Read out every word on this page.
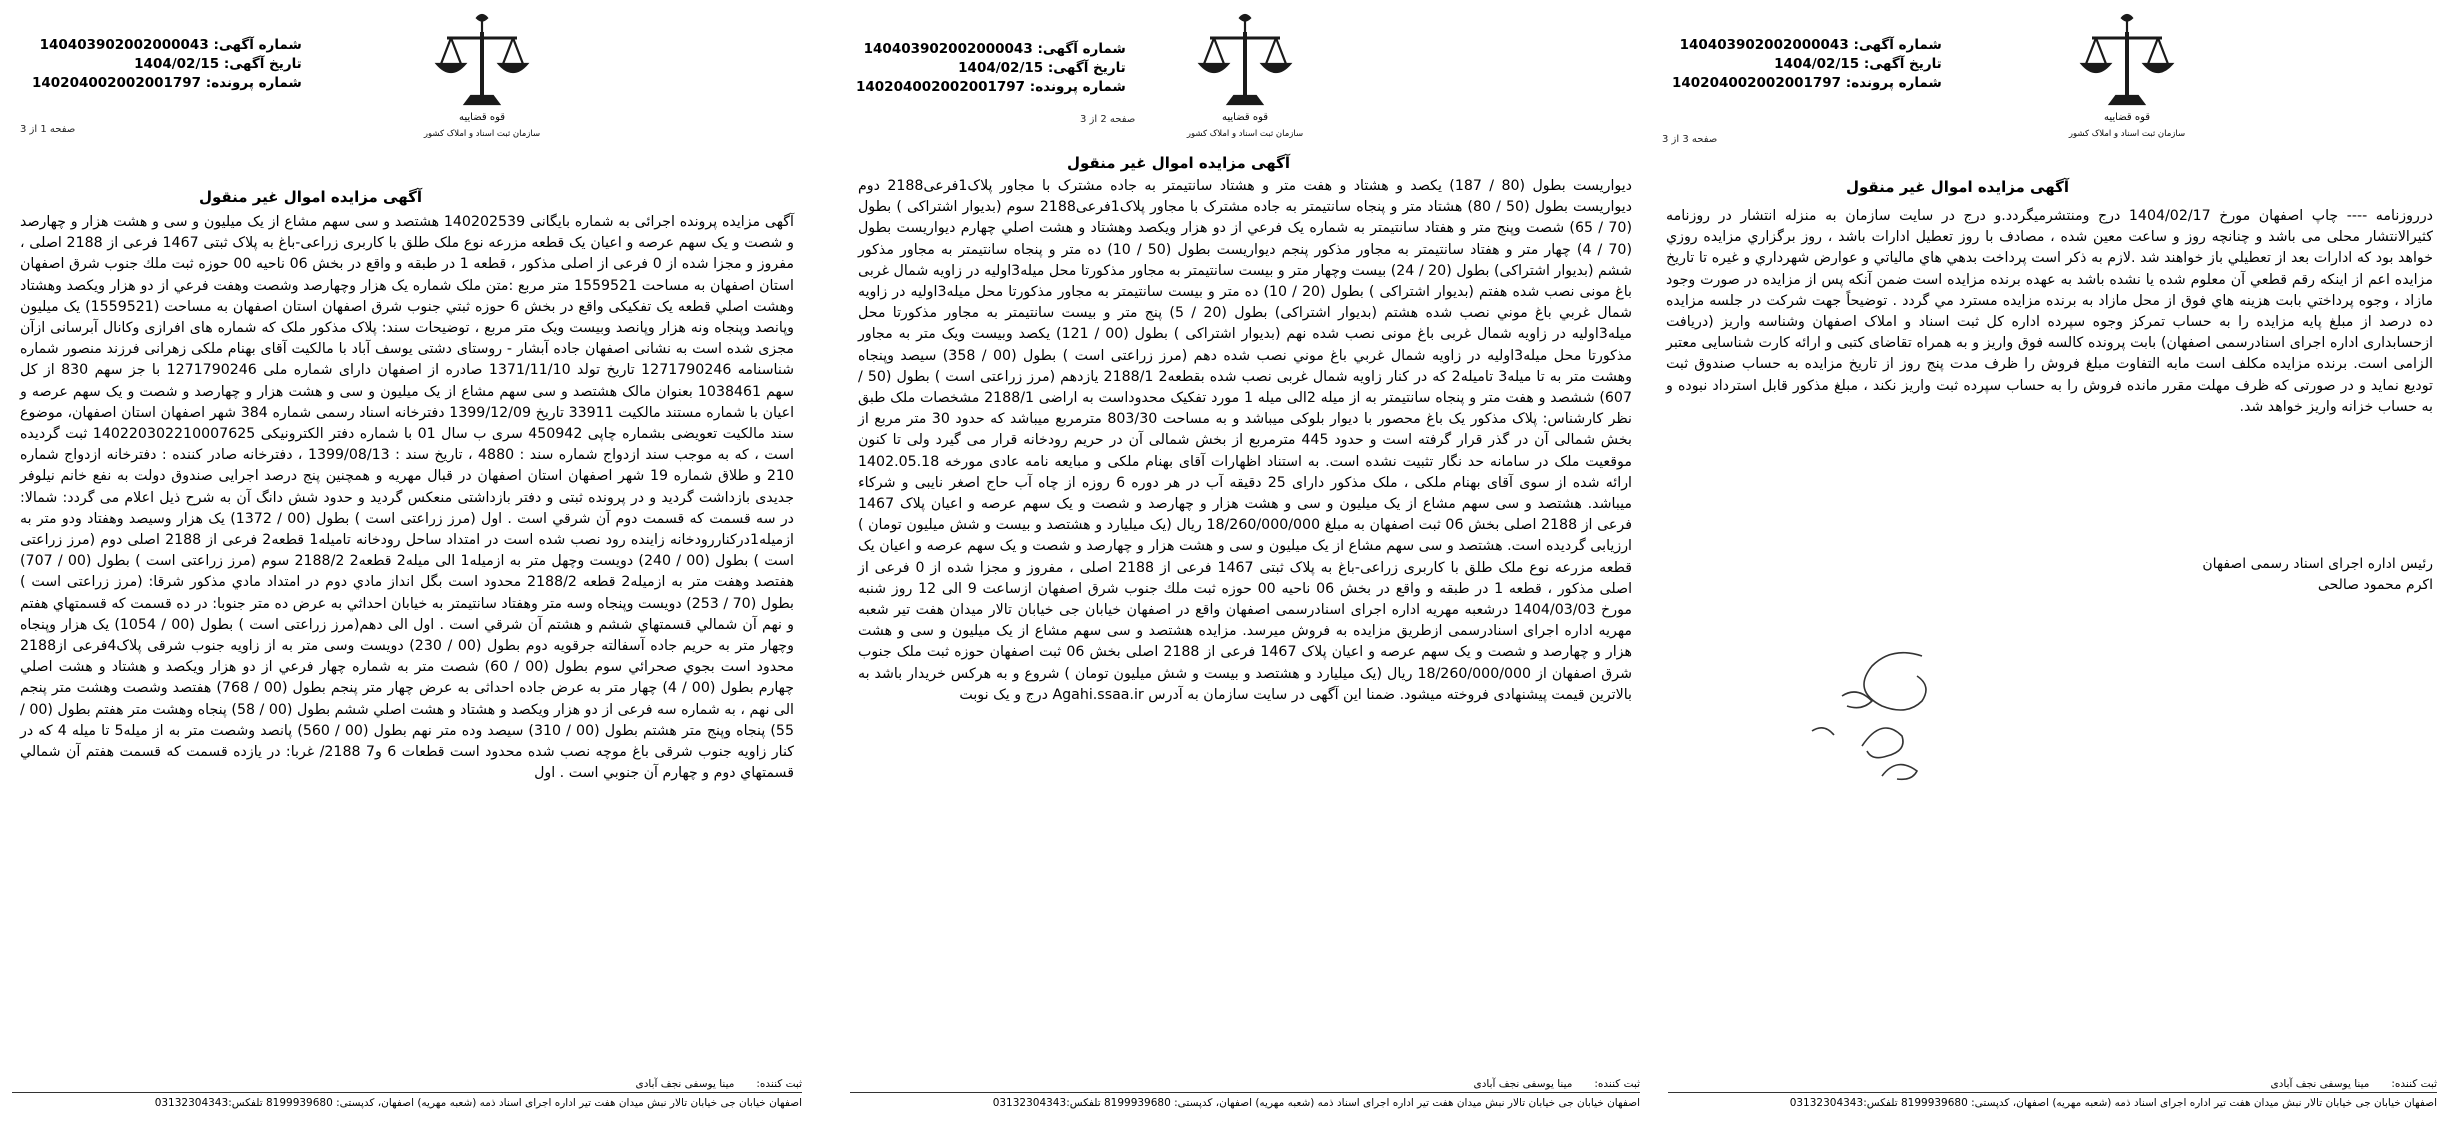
قوه قضاییه
سازمان ثبت اسناد و املاک کشور
شماره آگهی: 140403902002000043
تاریخ آگهی: 1404/02/15
شماره پرونده: 140204002002001797
صفحه 3 از 3
آگهی مزایده اموال غیر منقول
درروزنامه ---- چاپ اصفهان مورخ 1404/02/17 درج ومنتشرمیگردد.و درج در سایت سازمان به منزله انتشار در روزنامه کثیرالانتشار محلی می باشد و چنانچه روز و ساعت معین شده ، مصادف با روز تعطیل ادارات باشد ، روز برگزاري مزايده روزي خواهد بود كه ادارات بعد از تعطیلي باز خواهند شد .لازم به ذكر است پرداخت بدهي هاي مالیاتي و عوارض شهرداري و غیره تا تاريخ مزايده اعم از اينكه رقم قطعي آن معلوم شده يا نشده باشد به عهده برنده مزايده است ضمن آنكه پس از مزايده در صورت وجود مازاد ، وجوه پرداختي بابت هزينه هاي فوق از محل مازاد به برنده مزايده مسترد مي گردد . توضیحاً جهت شرکت در جلسه مزایده ده درصد از مبلغ پایه مزایده را به حساب تمرکز وجوه سپرده اداره کل ثبت اسناد و املاک اصفهان وشناسه واریز (دریافت ازحسابداری اداره اجرای اسنادرسمی اصفهان) بابت پرونده کالسه فوق واریز و به همراه تقاضای کتبی و ارائه کارت شناسایی معتبر الزامی است. برنده مزایده مکلف است مابه التفاوت مبلغ فروش را ظرف مدت پنج روز از تاریخ مزایده به حساب صندوق ثبت تودیع نماید و در صورتی که ظرف مهلت مقرر مانده فروش را به حساب سپرده ثبت واریز نکند ، مبلغ مذکور قابل استرداد نبوده و به حساب خزانه واریز خواهد شد.
رئیس اداره اجرای اسناد رسمی اصفهان
اکرم محمود صالحی
ثبت کننده:مینا یوسفی نجف آبادی
اصفهان خیابان جی خیابان تالار نبش میدان هفت تیر اداره اجرای اسناد ذمه (شعبه مهریه) اصفهان، کدپستی: 8199939680 تلفکس:03132304343
قوه قضاییه
سازمان ثبت اسناد و املاک کشور
شماره آگهی: 140403902002000043
تاریخ آگهی: 1404/02/15
شماره پرونده: 140204002002001797
صفحه 2 از 3
آگهی مزایده اموال غیر منقول
دیواریست بطول (80 / 187) یکصد و هشتاد و هفت متر و هشتاد سانتیمتر به جاده مشترک با مجاور پلاک1فرعی2188 دوم دیواریست بطول (50 / 80) هشتاد متر و پنجاه سانتیمتر به جاده مشترک با مجاور پلاک1فرعی2188 سوم (بدیوار اشتراکی ) بطول (70 / 65) شصت وپنج متر و هفتاد سانتیمتر به شماره یک فرعي از دو هزار ويكصد وهشتاد و هشت اصلي چهارم دیواریست بطول (70 / 4) چهار متر و هفتاد سانتیمتر به مجاور مذکور پنجم دیواریست بطول (50 / 10) ده متر و پنجاه سانتیمتر به مجاور مذکور ششم (بدیوار اشتراکی) بطول (20 / 24) بیست وچهار متر و بیست سانتیمتر به مجاور مذکورتا محل میله3اولیه در زاویه شمال غربی باغ مونی نصب شده هفتم (بدیوار اشتراکی ) بطول (20 / 10) ده متر و بیست سانتیمتر به مجاور مذکورتا محل میله3اولیه در زاویه شمال غربي باغ موني نصب شده هشتم (بدیوار اشتراکی) بطول (20 / 5) پنج متر و بیست سانتیمتر به مجاور مذکورتا محل میله3اولیه در زاویه شمال غربی باغ مونی نصب شده نهم (بدیوار اشتراکی ) بطول (00 / 121) یکصد وبیست ویک متر به مجاور مذکورتا محل میله3اولیه در زاویه شمال غربي باغ موني نصب شده دهم (مرز زراعتی است ) بطول (00 / 358) سیصد وپنجاه وهشت متر به تا میله3 تامیله2 که در کنار زاویه شمال غربی نصب شده بقطعه2 2188/1 یازدهم (مرز زراعتی است ) بطول (50 / 607) ششصد و هفت متر و پنجاه سانتیمتر به از میله 2الی میله 1 مورد تفکیک محدوداست به اراضی 2188/1 مشخصات ملک طبق نظر کارشناس: پلاک مذکور یک باغ محصور با دیوار بلوکی میباشد و به مساحت 803/30 مترمربع میباشد که حدود 30 متر مربع از بخش شمالی آن در گذر قرار گرفته است و حدود 445 مترمربع از بخش شمالی آن در حریم رودخانه قرار می گیرد ولی تا کنون موقعیت ملک در سامانه حد نگار تثبیت نشده است. به استناد اظهارات آقای بهنام ملکی و مبایعه نامه عادی مورخه 1402.05.18 ارائه شده از سوی آقای بهنام ملکی ، ملک مذکور دارای 25 دقیقه آب در هر دوره 6 روزه از چاه آب حاج اصغر نایبی و شرکاء میباشد. هشتصد و سی سهم مشاع از یک میلیون و سی و هشت هزار و چهارصد و شصت و یک سهم عرصه و اعیان پلاک 1467 فرعی از 2188 اصلی بخش 06 ثبت اصفهان به مبلغ 18/260/000/000 ریال (یک میلیارد و هشتصد و بیست و شش میلیون تومان ) ارزیابی گردیده است. هشتصد و سی سهم مشاع از یک میلیون و سی و هشت هزار و چهارصد و شصت و یک سهم عرصه و اعیان یک قطعه مزرعه نوع ملک طلق با کاربری زراعی-باغ به پلاک ثبتی 1467 فرعی از 2188 اصلی ، مفروز و مجزا شده از 0 فرعی از اصلی مذکور ، قطعه 1 در طبقه و واقع در بخش 06 ناحیه 00 حوزه ثبت ملك جنوب شرق اصفهان ازساعت 9 الی 12 روز شنبه مورخ 1404/03/03 درشعبه مهریه اداره اجرای اسنادرسمی اصفهان واقع در اصفهان خیابان جی خیابان تالار میدان هفت تیر شعبه مهریه اداره اجرای اسنادرسمی ازطریق مزایده به فروش میرسد. مزایده هشتصد و سی سهم مشاع از یک میلیون و سی و هشت هزار و چهارصد و شصت و یک سهم عرصه و اعیان پلاک 1467 فرعی از 2188 اصلی بخش 06 ثبت اصفهان حوزه ثبت ملک جنوب شرق اصفهان از 18/260/000/000 ریال (یک میلیارد و هشتصد و بیست و شش میلیون تومان ) شروع و به هرکس خریدار باشد به بالاترین قیمت پیشنهادی فروخته میشود. ضمنا این آگهی در سایت سازمان به آدرس Agahi.ssaa.ir درج و یک نوبت
ثبت کننده:مینا یوسفی نجف آبادی
اصفهان خیابان جی خیابان تالار نبش میدان هفت تیر اداره اجرای اسناد ذمه (شعبه مهریه) اصفهان، کدپستی: 8199939680 تلفکس:03132304343
قوه قضاییه
سازمان ثبت اسناد و املاک کشور
شماره آگهی: 140403902002000043
تاریخ آگهی: 1404/02/15
شماره پرونده: 140204002002001797
صفحه 1 از 3
آگهی مزایده اموال غیر منقول
آگهی مزایده پرونده اجرائی به شماره بایگانی 140202539 هشتصد و سی سهم مشاع از یک میلیون و سی و هشت هزار و چهارصد و شصت و یک سهم عرصه و اعیان یک قطعه مزرعه نوع ملک طلق با کاربری زراعی-باغ به پلاک ثبتی 1467 فرعی از 2188 اصلی ، مفروز و مجزا شده از 0 فرعی از اصلی مذکور ، قطعه 1 در طبقه و واقع در بخش 06 ناحیه 00 حوزه ثبت ملك جنوب شرق اصفهان استان اصفهان به مساحت 1559521 متر مربع :متن ملک شماره یک هزار وچهارصد وشصت وهفت فرعي از دو هزار ويكصد وهشتاد وهشت اصلي قطعه یک تفکیکی واقع در بخش 6 حوزه ثبتي جنوب شرق اصفهان استان اصفهان به مساحت (1559521) یک میلیون وپانصد وپنجاه ونه هزار وپانصد وبیست ویک متر مربع ، توضیحات سند: پلاک مذکور ملک که شماره های افرازی وکانال آبرسانی ازآن مجزی شده است به نشانی اصفهان جاده آبشار - روستای دشتی یوسف آباد با مالکیت آقای بهنام ملکی زهرانی فرزند منصور شماره شناسنامه 1271790246 تاریخ تولد 1371/11/10 صادره از اصفهان دارای شماره ملی 1271790246 با جز سهم 830 از کل سهم 1038461 بعنوان مالک هشتصد و سی سهم مشاع از یک میلیون و سی و هشت هزار و چهارصد و شصت و یک سهم عرصه و اعیان با شماره مستند مالکیت 33911 تاریخ 1399/12/09 دفترخانه اسناد رسمی شماره 384 شهر اصفهان استان اصفهان، موضوع سند مالکیت تعویضی بشماره چاپی 450942 سری ب سال 01 با شماره دفتر الکترونیکی 140220302210007625 ثبت گردیده است ، که به موجب سند ازدواج شماره سند : 4880 ، تاریخ سند : 1399/08/13 ، دفترخانه صادر کننده : دفترخانه ازدواج شماره 210 و طلاق شماره 19 شهر اصفهان استان اصفهان در قبال مهریه و همچنین پنج درصد اجرایی صندوق دولت به نفع خانم نیلوفر جدیدی بازداشت گردید و در پرونده ثبتی و دفتر بازداشتی منعکس گردید و حدود شش دانگ آن به شرح ذیل اعلام می گردد: شمالا: در سه قسمت که قسمت دوم آن شرقي است . اول (مرز زراعتی است ) بطول (00 / 1372) یک هزار وسیصد وهفتاد ودو متر به ازمیله1درکناررودخانه زاینده رود نصب شده است در امتداد ساحل رودخانه تامیله1 قطعه2 فرعی از 2188 اصلی دوم (مرز زراعتی است ) بطول (00 / 240) دویست وچهل متر به ازمیله1 الی میله2 قطعه2 2188/2 سوم (مرز زراعتی است ) بطول (00 / 707) هفتصد وهفت متر به ازمیله2 قطعه 2188/2 محدود است بگل انداز مادي دوم در امتداد مادي مذكور شرقا: (مرز زراعتی است ) بطول (70 / 253) دویست وپنجاه وسه متر وهفتاد سانتیمتر به خیابان احداثي به عرض ده متر جنوبا: در ده قسمت كه قسمتهاي هفتم و نهم آن شمالي قسمتهاي ششم و هشتم آن شرقي است . اول الی دهم(مرز زراعتی است ) بطول (00 / 1054) یک هزار وپنجاه وچهار متر به حریم جاده آسفالته جرقویه دوم بطول (00 / 230) دویست وسی متر به از زاویه جنوب شرقی پلاک4فرعی از2188 محدود است بجوي صحرائي سوم بطول (00 / 60) شصت متر به شماره چهار فرعي از دو هزار ويكصد و هشتاد و هشت اصلي چهارم بطول (00 / 4) چهار متر به عرض جاده احداثی به عرض چهار متر پنجم بطول (00 / 768) هفتصد وشصت وهشت متر پنجم الی نهم ، به شماره سه فرعی از دو هزار ويكصد و هشتاد و هشت اصلي ششم بطول (00 / 58) پنجاه وهشت متر هفتم بطول (00 / 55) پنجاه وپنج متر هشتم بطول (00 / 310) سیصد وده متر نهم بطول (00 / 560) پانصد وشصت متر به از میله5 تا میله 4 که در کنار زاویه جنوب شرقی باغ موچه نصب شده محدود است قطعات 6 و7 2188/ غربا: در يازده قسمت كه قسمت هفتم آن شمالي قسمتهاي دوم و چهارم آن جنوبي است . اول
ثبت کننده:مینا یوسفی نجف آبادی
اصفهان خیابان جی خیابان تالار نبش میدان هفت تیر اداره اجرای اسناد ذمه (شعبه مهریه) اصفهان، کدپستی: 8199939680 تلفکس:03132304343
